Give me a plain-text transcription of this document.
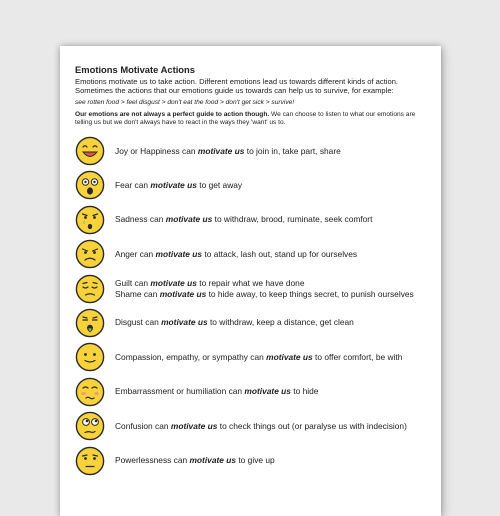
Emotions Motivate Actions

Emotions motivate us to take action. Different emotions lead us towards different kinds of action.

Sometimes the actions that our emotions guide us towards can help us to survive, for example:

see rotten food > feel disgust > don't eat the food > don't get sick > survive!

Our emotions are not always a perfect guide to action though. We can choose to listen to what our emotions are telling us but we don't always have to react in the ways they 'want' us to.

Joy or Happiness can motivate us to join in, take part, share
Fear can motivate us to get away
Sadness can motivate us to withdraw, brood, ruminate, seek comfort
Anger can motivate us to attack, lash out, stand up for ourselves
Guilt can motivate us to repair what we have done
Shame can motivate us to hide away, to keep things secret, to punish ourselves
Disgust can motivate us to withdraw, keep a distance, get clean
Compassion, empathy, or sympathy can motivate us to offer comfort, be with
Embarrassment or humiliation can motivate us to hide
Confusion can motivate us to check things out (or paralyse us with indecision)
Powerlessness can motivate us to give up
